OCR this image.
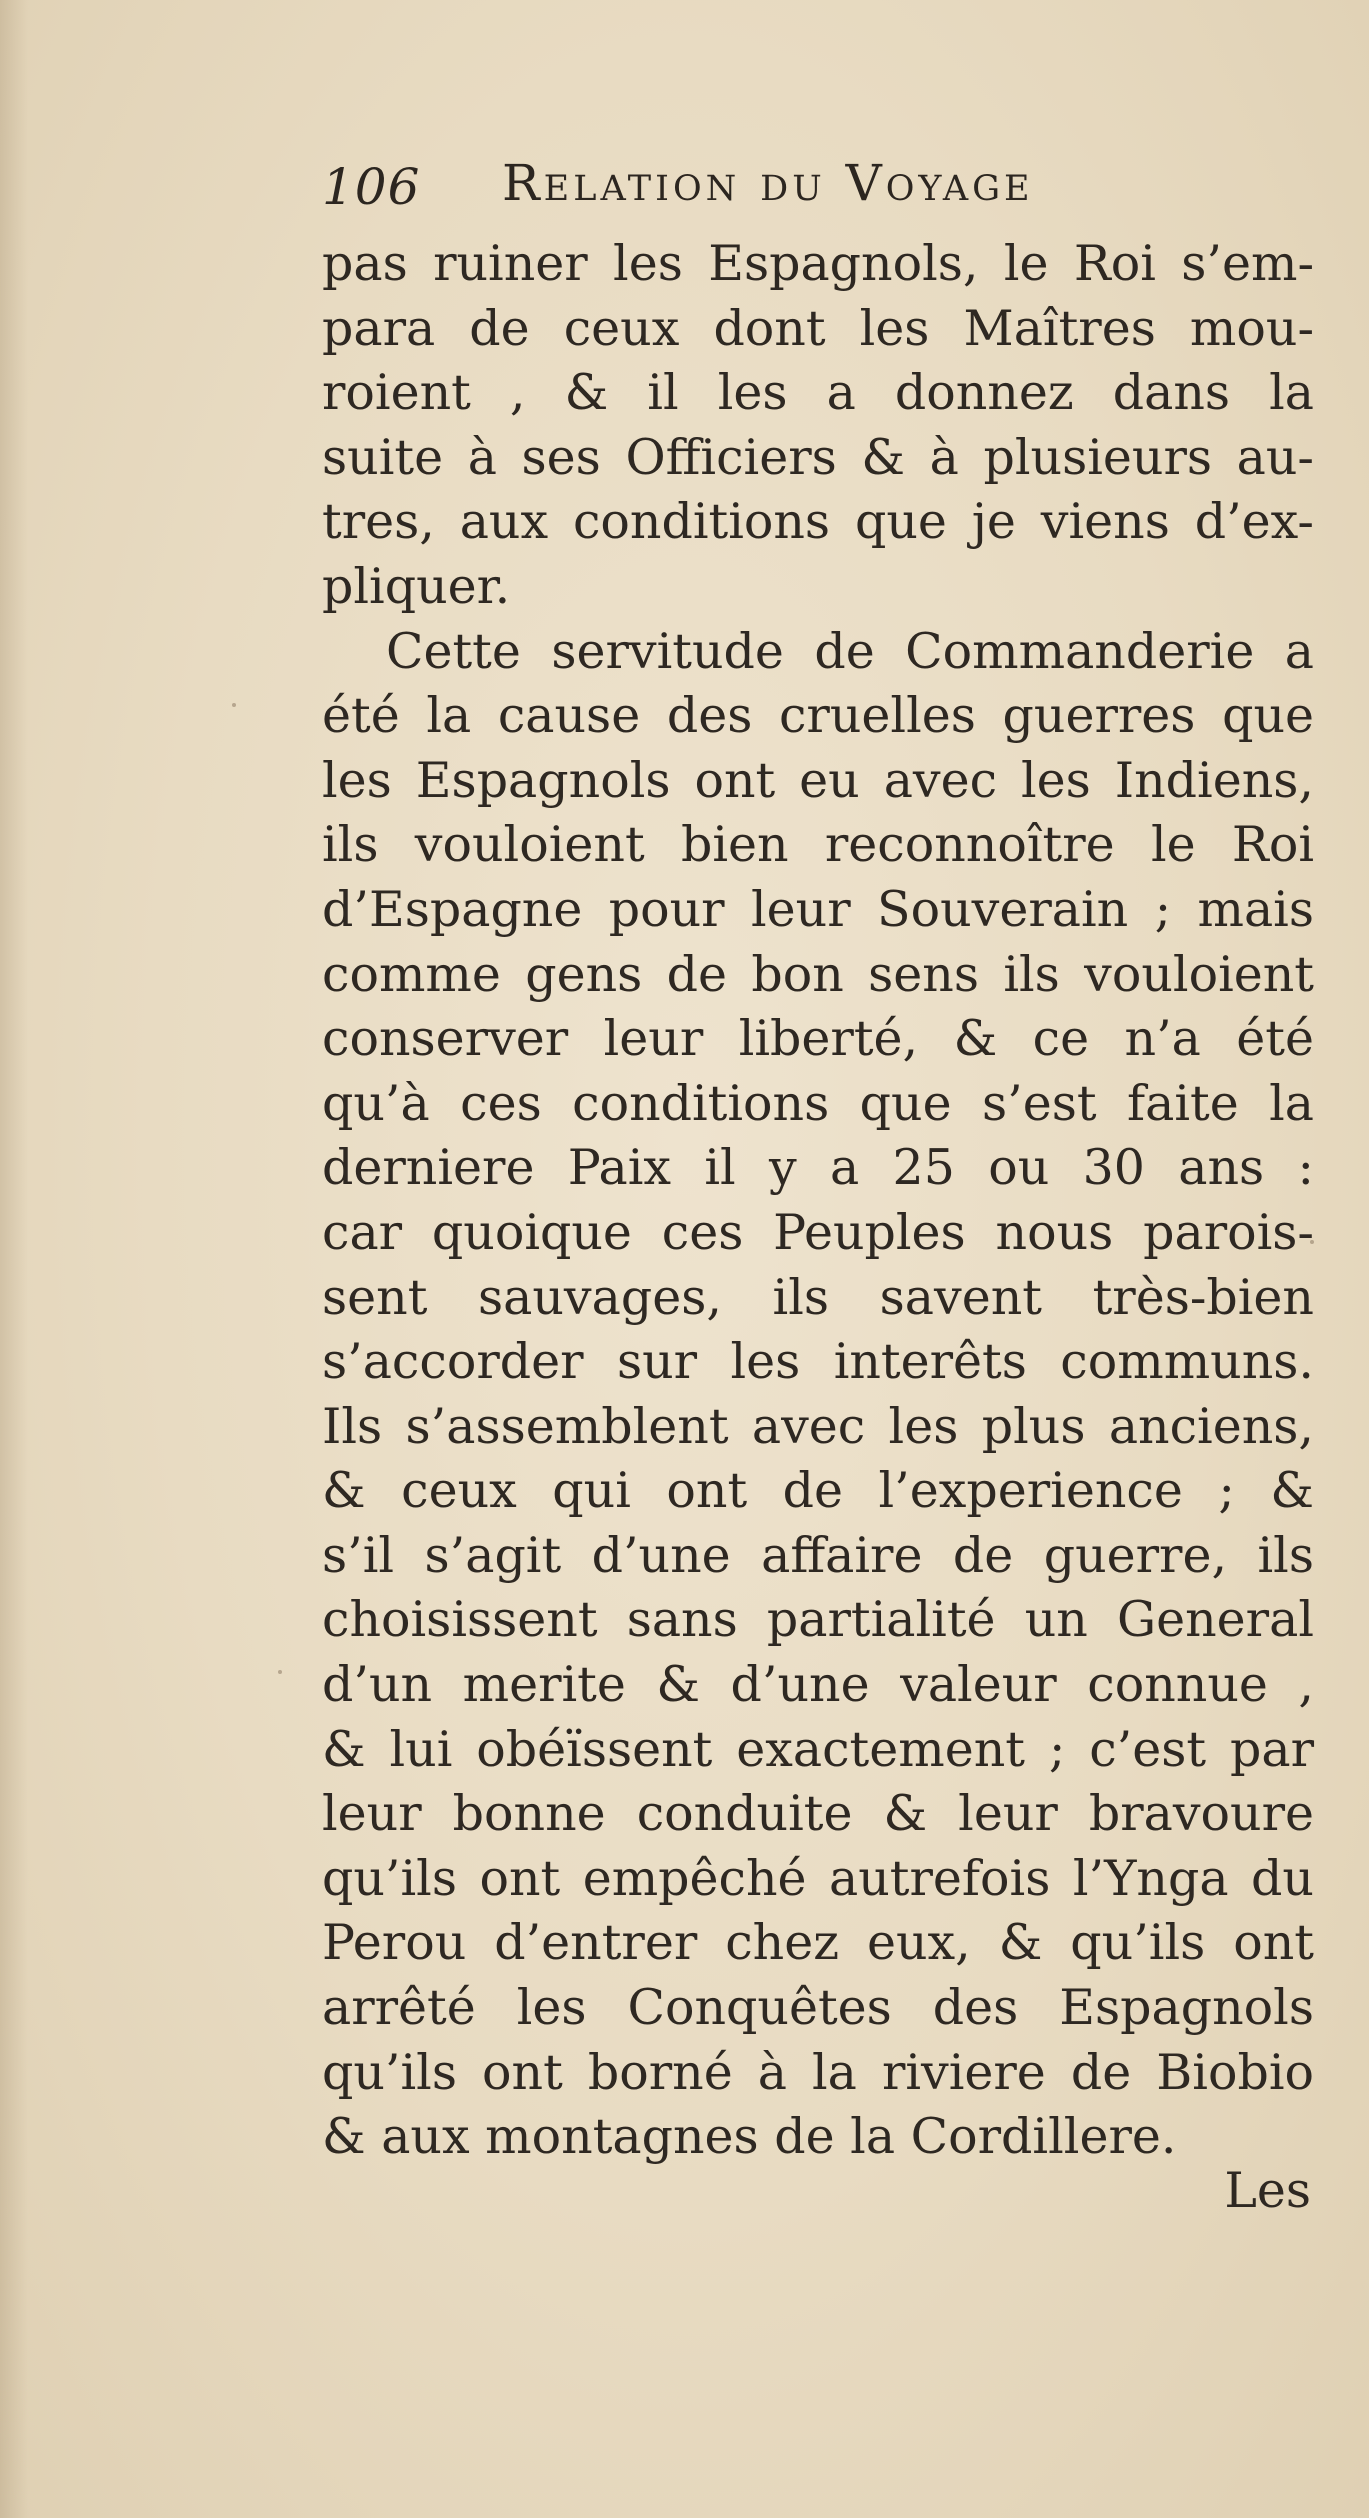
106 Relation du Voyage
pas ruiner les Espagnols, le Roi s’em-
para de ceux dont les Maîtres mou-
roient , & il les a donnez dans la
suite à ses Officiers & à plusieurs au-
tres, aux conditions que je viens d’ex-
pliquer.
Cette servitude de Commanderie a
été la cause des cruelles guerres que
les Espagnols ont eu avec les Indiens,
ils vouloient bien reconnoître le Roi
d’Espagne pour leur Souverain ; mais
comme gens de bon sens ils vouloient
conserver leur liberté, & ce n’a été
qu’à ces conditions que s’est faite la
derniere Paix il y a 25 ou 30 ans :
car quoique ces Peuples nous parois-
sent sauvages, ils savent très-bien
s’accorder sur les interêts communs.
Ils s’assemblent avec les plus anciens,
& ceux qui ont de l’experience ; &
s’il s’agit d’une affaire de guerre, ils
choisissent sans partialité un General
d’un merite & d’une valeur connue ,
& lui obéïssent exactement ; c’est par
leur bonne conduite & leur bravoure
qu’ils ont empêché autrefois l’Ynga du
Perou d’entrer chez eux, & qu’ils ont
arrêté les Conquêtes des Espagnols
qu’ils ont borné à la riviere de Biobio
& aux montagnes de la Cordillere.
Les
